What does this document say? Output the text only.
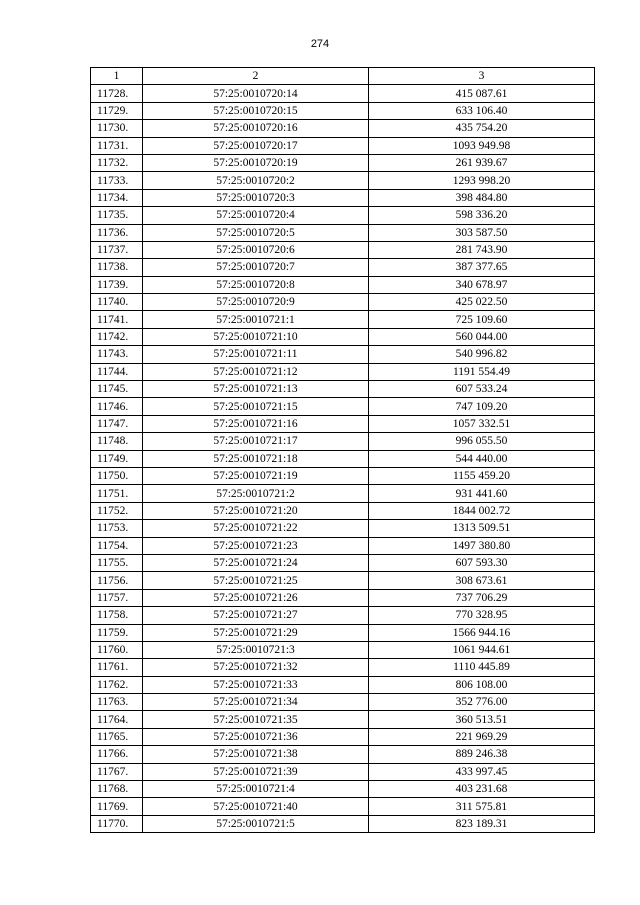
274
1	2	3
11728.	57:25:0010720:14	415 087.61
11729.	57:25:0010720:15	633 106.40
11730.	57:25:0010720:16	435 754.20
11731.	57:25:0010720:17	1093 949.98
11732.	57:25:0010720:19	261 939.67
11733.	57:25:0010720:2	1293 998.20
11734.	57:25:0010720:3	398 484.80
11735.	57:25:0010720:4	598 336.20
11736.	57:25:0010720:5	303 587.50
11737.	57:25:0010720:6	281 743.90
11738.	57:25:0010720:7	387 377.65
11739.	57:25:0010720:8	340 678.97
11740.	57:25:0010720:9	425 022.50
11741.	57:25:0010721:1	725 109.60
11742.	57:25:0010721:10	560 044.00
11743.	57:25:0010721:11	540 996.82
11744.	57:25:0010721:12	1191 554.49
11745.	57:25:0010721:13	607 533.24
11746.	57:25:0010721:15	747 109.20
11747.	57:25:0010721:16	1057 332.51
11748.	57:25:0010721:17	996 055.50
11749.	57:25:0010721:18	544 440.00
11750.	57:25:0010721:19	1155 459.20
11751.	57:25:0010721:2	931 441.60
11752.	57:25:0010721:20	1844 002.72
11753.	57:25:0010721:22	1313 509.51
11754.	57:25:0010721:23	1497 380.80
11755.	57:25:0010721:24	607 593.30
11756.	57:25:0010721:25	308 673.61
11757.	57:25:0010721:26	737 706.29
11758.	57:25:0010721:27	770 328.95
11759.	57:25:0010721:29	1566 944.16
11760.	57:25:0010721:3	1061 944.61
11761.	57:25:0010721:32	1110 445.89
11762.	57:25:0010721:33	806 108.00
11763.	57:25:0010721:34	352 776.00
11764.	57:25:0010721:35	360 513.51
11765.	57:25:0010721:36	221 969.29
11766.	57:25:0010721:38	889 246.38
11767.	57:25:0010721:39	433 997.45
11768.	57:25:0010721:4	403 231.68
11769.	57:25:0010721:40	311 575.81
11770.	57:25:0010721:5	823 189.31
